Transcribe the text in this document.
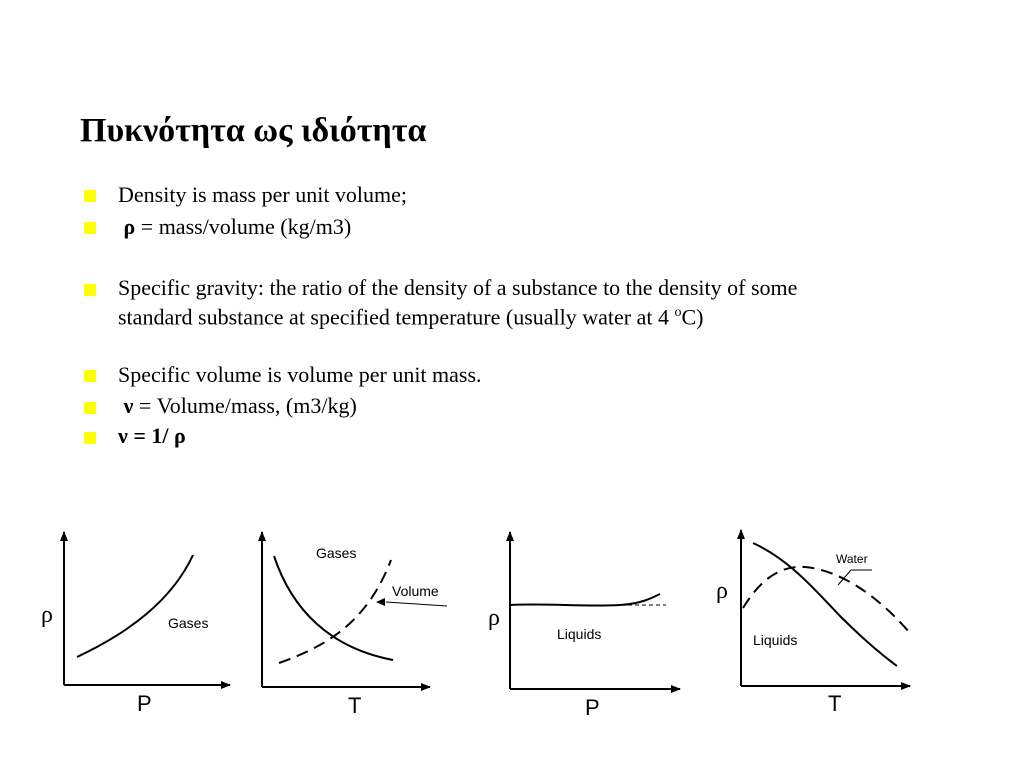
Πυκνότητα ως ιδιότητα
Density is mass per unit volume;
ρ = mass/volume (kg/m3)
Specific gravity: the ratio of the density of a substance to the density of some
standard substance at specified temperature (usually water at 4 $^o$C)
Specific volume is volume per unit mass.
ν = Volume/mass, (m3/kg)
ν = 1/ ρ
ρ	Gases
P
Gases
Volume
T
ρ
Liquids
P
ρ
Water
Liquids
T
